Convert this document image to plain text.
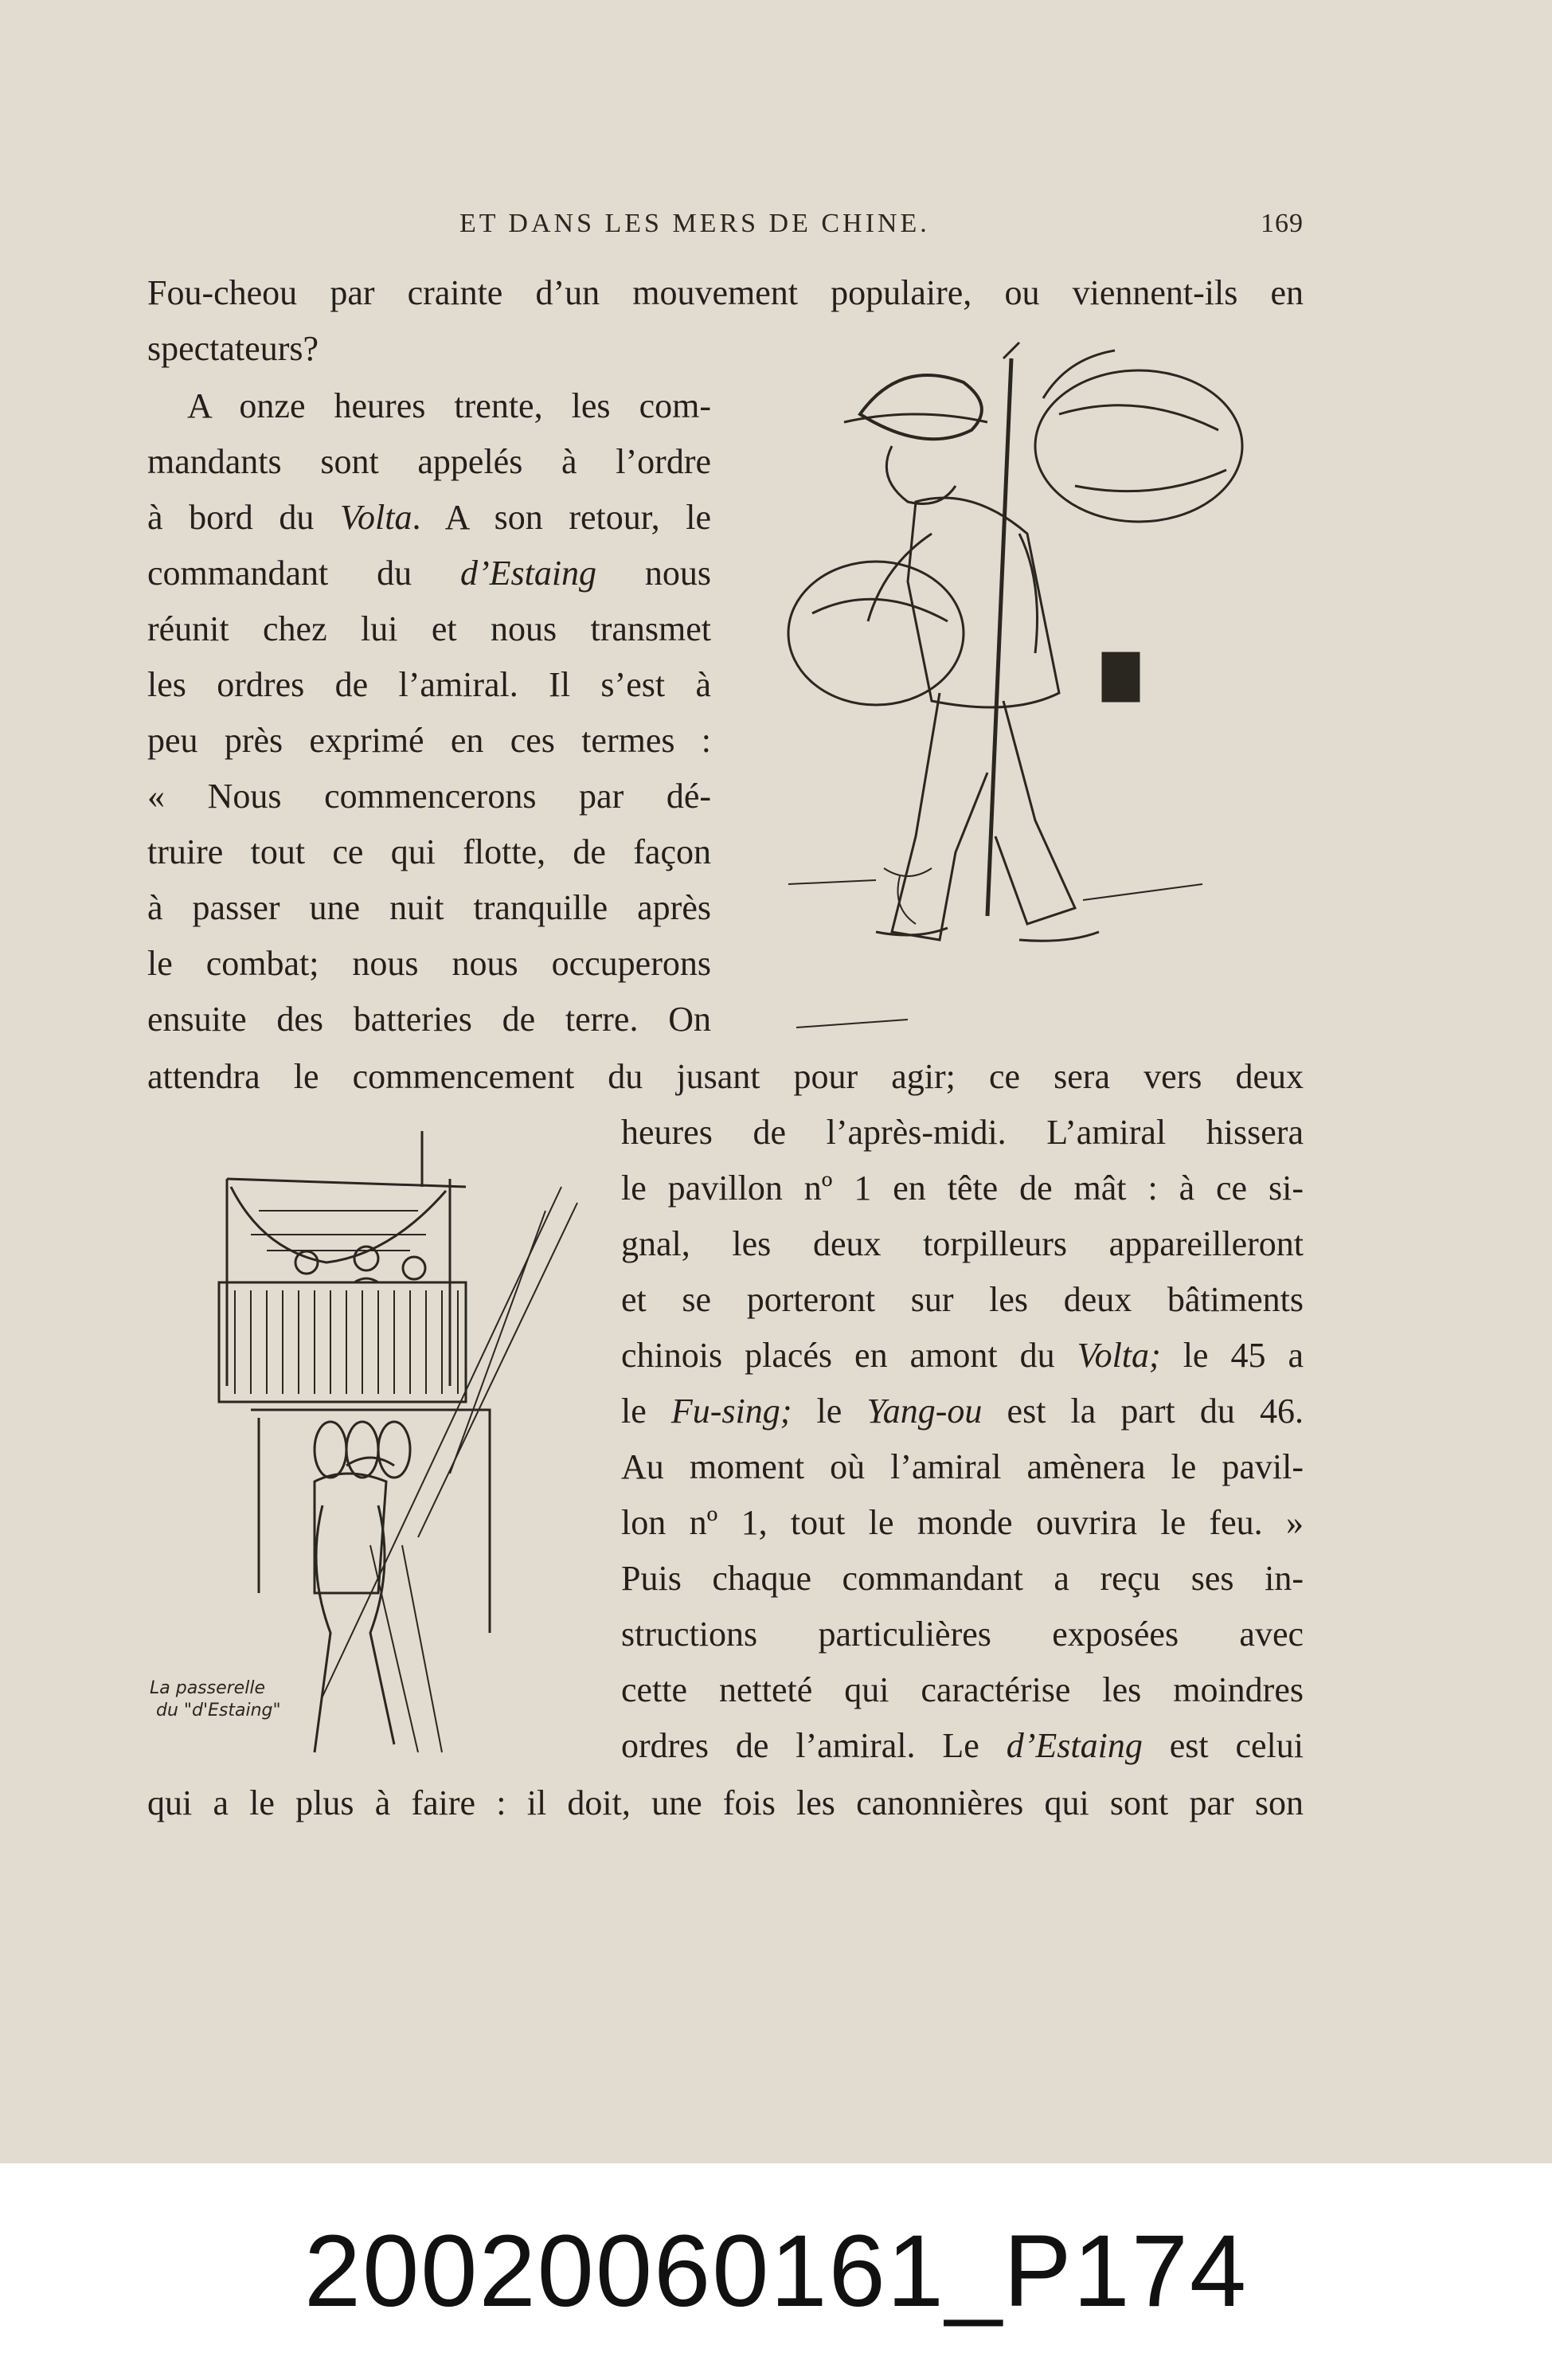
ET DANS LES MERS DE CHINE.	169
Fou-cheou par crainte d’un mouvement populaire, ou viennent-ils en
spectateurs?
A onze heures trente, les com-
mandants sont appelés à l’ordre
à bord du Volta. A son retour, le
commandant du d’Estaing nous
réunit chez lui et nous transmet
les ordres de l’amiral. Il s’est à
peu près exprimé en ces termes :
« Nous commencerons par dé-
truire tout ce qui flotte, de façon
à passer une nuit tranquille après
le combat; nous nous occuperons
ensuite des batteries de terre. On
attendra le commencement du jusant pour agir; ce sera vers deux
heures de l’après-midi. L’amiral hissera
le pavillon nº 1 en tête de mât : à ce si-
gnal, les deux torpilleurs appareilleront
et se porteront sur les deux bâtiments
chinois placés en amont du Volta; le 45 a
le Fu-sing; le Yang-ou est la part du 46.
Au moment où l’amiral amènera le pavil-
lon nº 1, tout le monde ouvrira le feu. »
Puis chaque commandant a reçu ses in-
structions particulières exposées avec
cette netteté qui caractérise les moindres
ordres de l’amiral. Le d’Estaing est celui
qui a le plus à faire : il doit, une fois les canonnières qui sont par son
La passerelle
du "d'Estaing"
20020060161_P174
